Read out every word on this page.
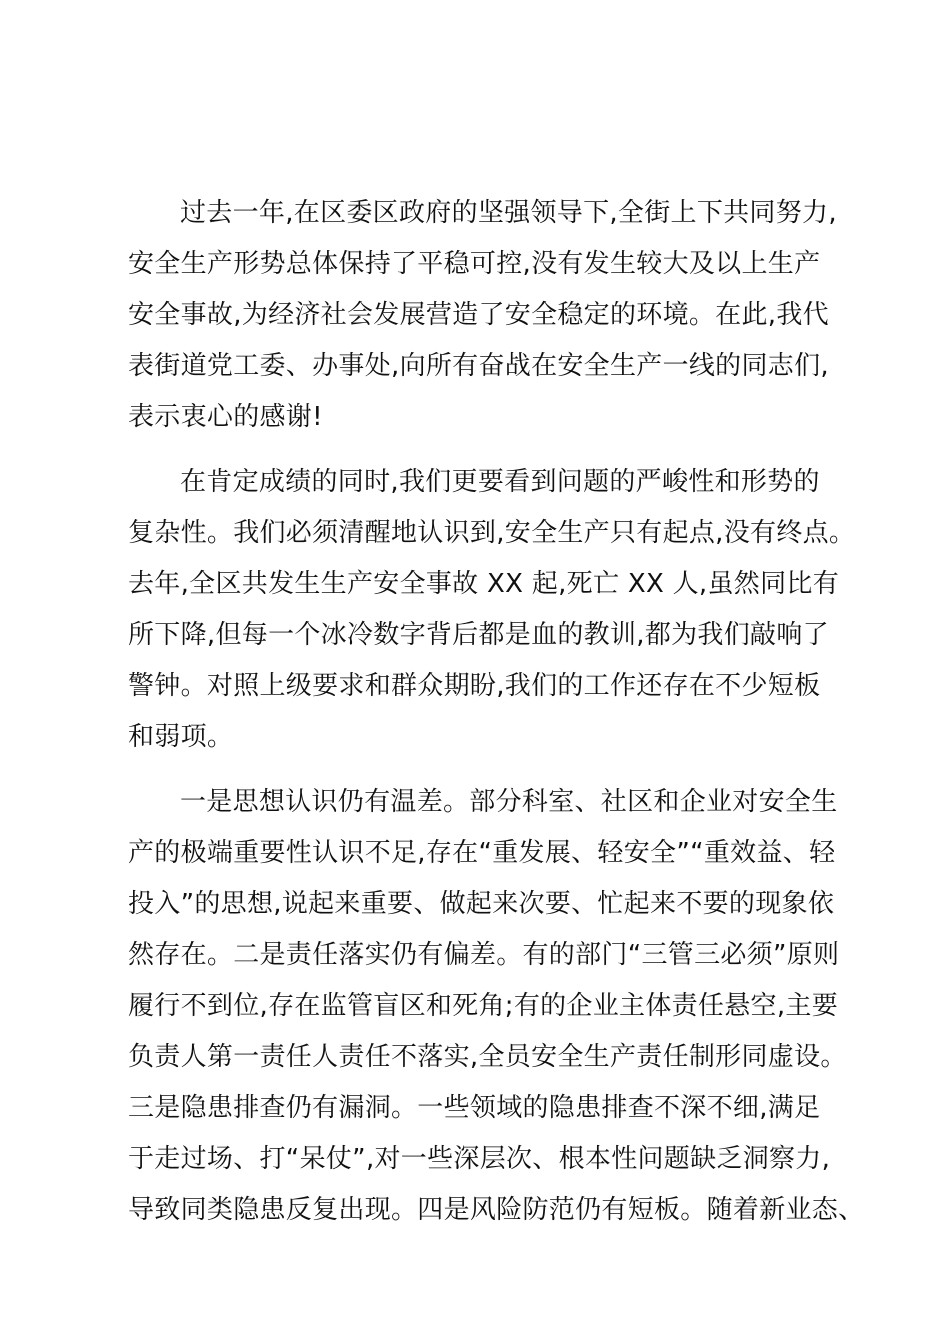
过去一年,在区委区政府的坚强领导下,全街上下共同努力,
安全生产形势总体保持了平稳可控,没有发生较大及以上生产
安全事故,为经济社会发展营造了安全稳定的环境。在此,我代
表街道党工委、办事处,向所有奋战在安全生产一线的同志们,
表示衷心的感谢!
在肯定成绩的同时,我们更要看到问题的严峻性和形势的
复杂性。我们必须清醒地认识到,安全生产只有起点,没有终点。
去年,全区共发生生产安全事故 XX 起,死亡 XX 人,虽然同比有
所下降,但每一个冰冷数字背后都是血的教训,都为我们敲响了
警钟。对照上级要求和群众期盼,我们的工作还存在不少短板
和弱项。
一是思想认识仍有温差。部分科室、社区和企业对安全生
产的极端重要性认识不足,存在“重发展、轻安全”“重效益、轻
投入”的思想,说起来重要、做起来次要、忙起来不要的现象依
然存在。二是责任落实仍有偏差。有的部门“三管三必须”原则
履行不到位,存在监管盲区和死角;有的企业主体责任悬空,主要
负责人第一责任人责任不落实,全员安全生产责任制形同虚设。
三是隐患排查仍有漏洞。一些领域的隐患排查不深不细,满足
于走过场、打“呆仗”,对一些深层次、根本性问题缺乏洞察力,
导致同类隐患反复出现。四是风险防范仍有短板。随着新业态、
